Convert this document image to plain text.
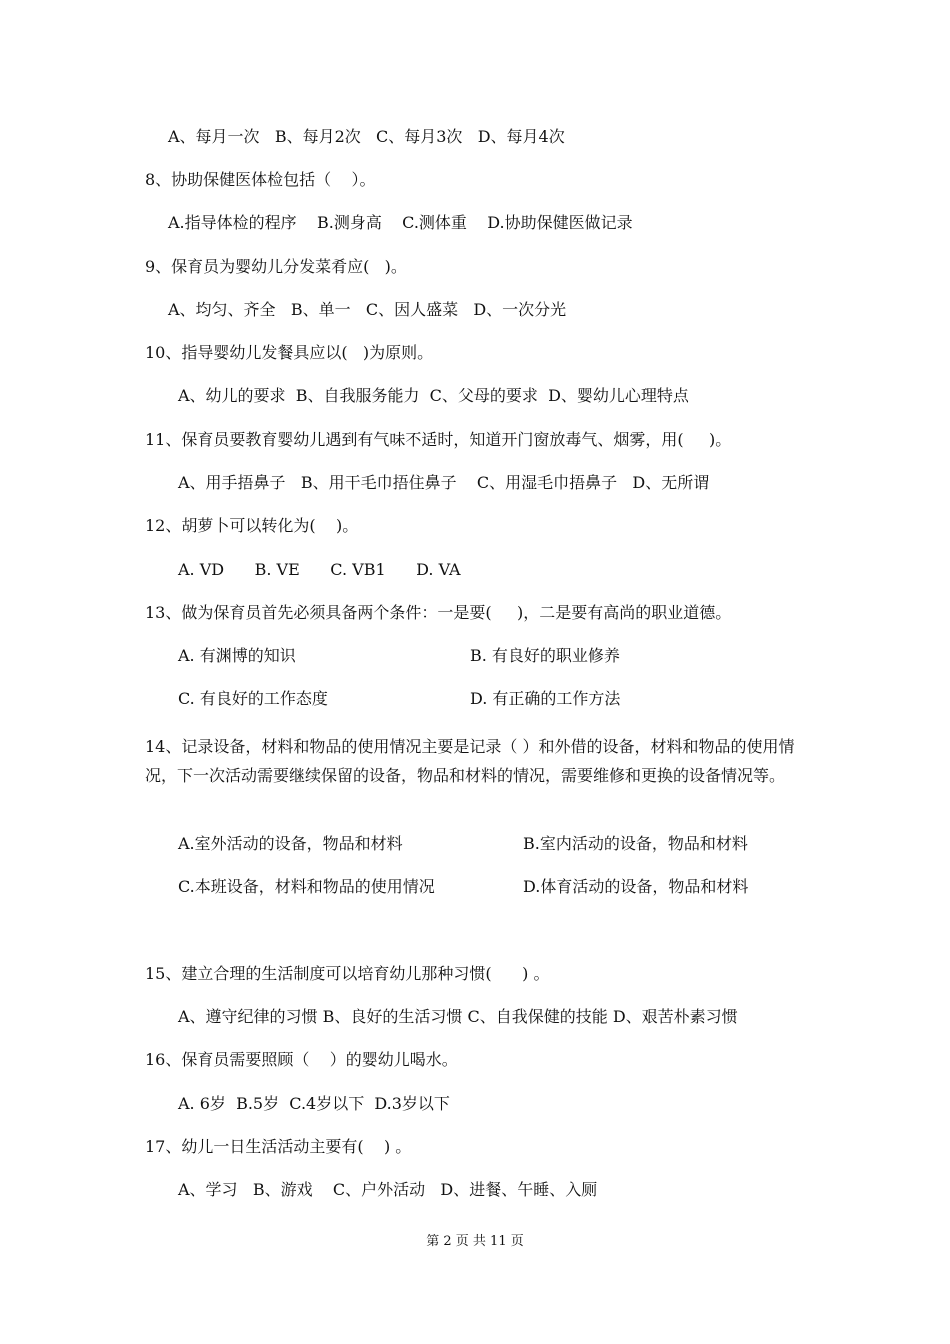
A、每月一次   B、每月2次   C、每月3次   D、每月4次
8、协助保健医体检包括（    ）。
A.指导体检的程序    B.测身高    C.测体重    D.协助保健医做记录
9、保育员为婴幼儿分发菜肴应(   )。
A、均匀、齐全   B、单一   C、因人盛菜   D、一次分光
10、指导婴幼儿发餐具应以(   )为原则。
A、幼儿的要求  B、自我服务能力  C、父母的要求  D、婴幼儿心理特点
11、保育员要教育婴幼儿遇到有气味不适时，知道开门窗放毒气、烟雾，用(     )。
A、用手捂鼻子   B、用干毛巾捂住鼻子    C、用湿毛巾捂鼻子   D、无所谓
12、胡萝卜可以转化为(    )。
A. VD      B. VE      C. VB1      D. VA
13、做为保育员首先必须具备两个条件：一是要(     )，二是要有高尚的职业道德。
A. 有渊博的知识	B. 有良好的职业修养
C. 有良好的工作态度	D. 有正确的工作方法
14、记录设备，材料和物品的使用情况主要是记录（ ）和外借的设备，材料和物品的使用情况，下一次活动需要继续保留的设备，物品和材料的情况，需要维修和更换的设备情况等。
A.室外活动的设备，物品和材料	B.室内活动的设备，物品和材料
C.本班设备，材料和物品的使用情况	D.体育活动的设备，物品和材料
15、建立合理的生活制度可以培育幼儿那种习惯(      ) 。
A、遵守纪律的习惯 B、良好的生活习惯 C、自我保健的技能 D、艰苦朴素习惯
16、保育员需要照顾（    ）的婴幼儿喝水。
A. 6岁  B.5岁  C.4岁以下  D.3岁以下
17、幼儿一日生活活动主要有(    ) 。
A、学习   B、游戏    C、户外活动   D、进餐、午睡、入厕
第 2 页 共 11 页
